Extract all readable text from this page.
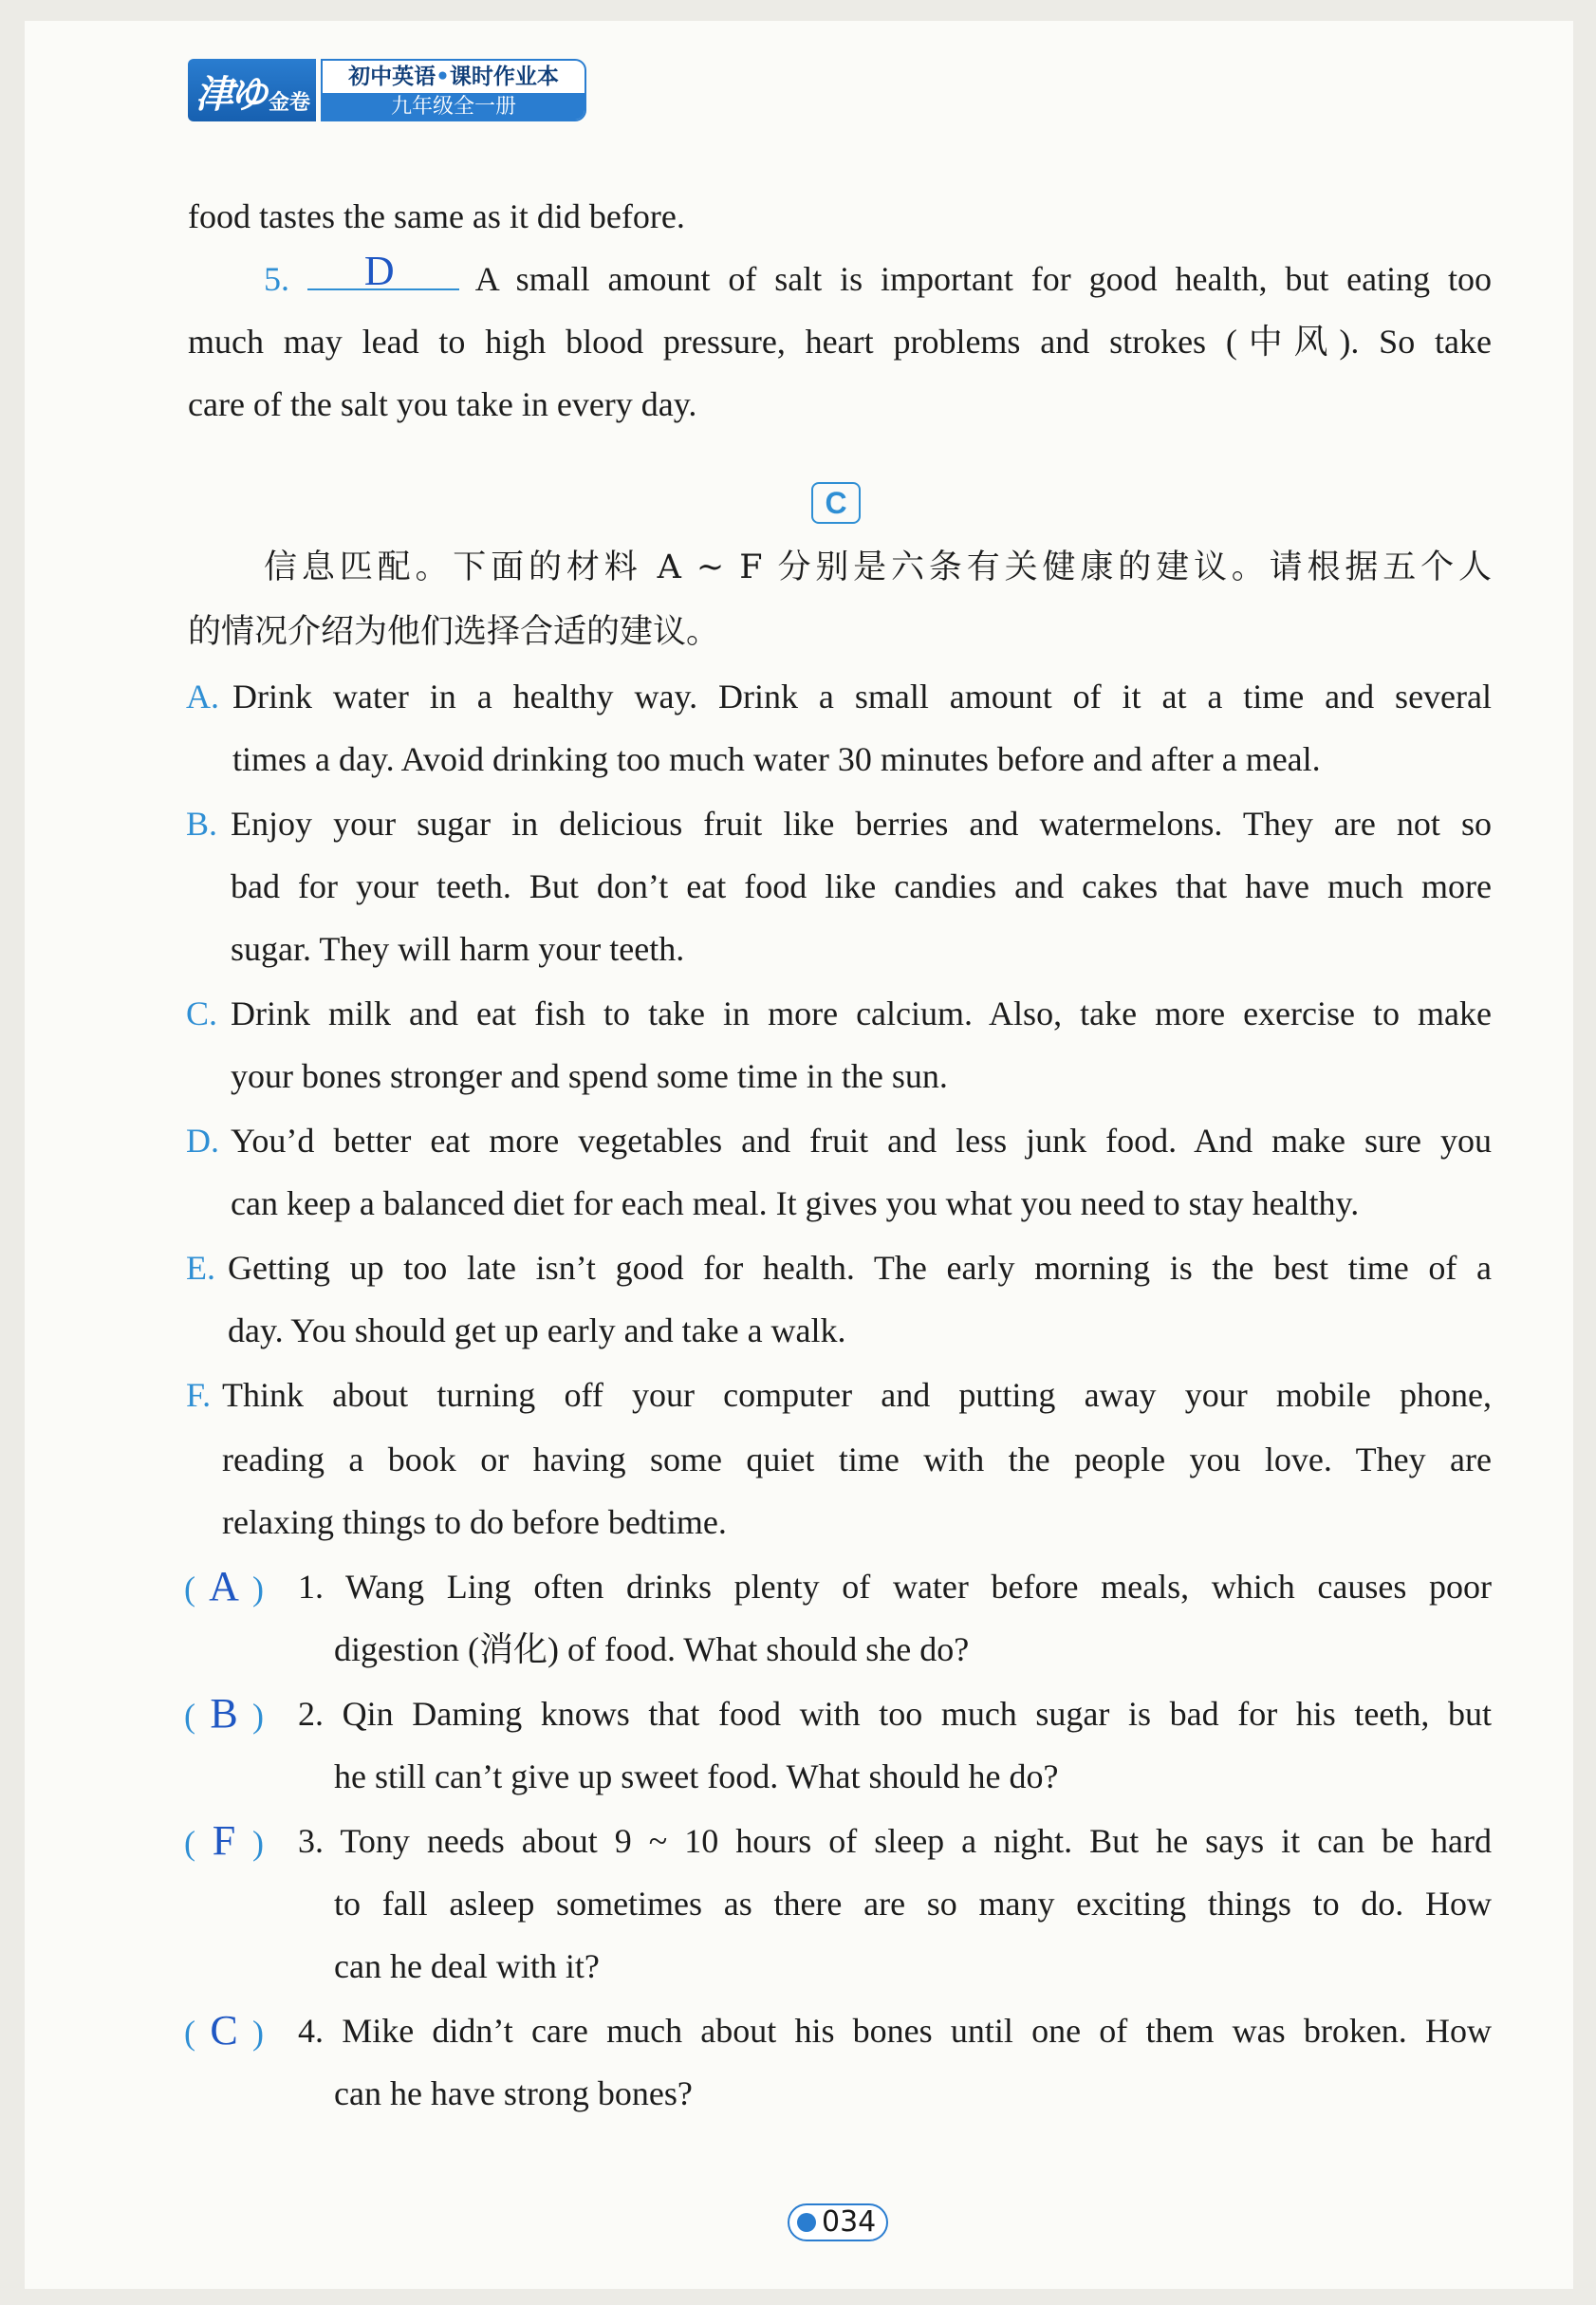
津ゆ 金卷
初中英语•课时作业本
九年级全一册
food tastes the same as it did before.
5. D A small amount of salt is important for good health, but eating too
much may lead to high blood pressure, heart problems and strokes (中风). So take
care of the salt you take in every day.
C
信息匹配。下面的材料 A ~ F 分别是六条有关健康的建议。请根据五个人
的情况介绍为他们选择合适的建议。
A. Drink water in a healthy way. Drink a small amount of it at a time and several
times a day. Avoid drinking too much water 30 minutes before and after a meal.
B. Enjoy your sugar in delicious fruit like berries and watermelons. They are not so
bad for your teeth. But don’t eat food like candies and cakes that have much more
sugar. They will harm your teeth.
C. Drink milk and eat fish to take in more calcium. Also, take more exercise to make
your bones stronger and spend some time in the sun.
D. You’d better eat more vegetables and fruit and less junk food. And make sure you
can keep a balanced diet for each meal. It gives you what you need to stay healthy.
E. Getting up too late isn’t good for health. The early morning is the best time of a
day. You should get up early and take a walk.
F. Think about turning off your computer and putting away your mobile phone,
reading a book or having some quiet time with the people you love. They are
relaxing things to do before bedtime.
( A ) 1. Wang Ling often drinks plenty of water before meals, which causes poor
digestion (消化) of food. What should she do?
( B ) 2. Qin Daming knows that food with too much sugar is bad for his teeth, but
he still can’t give up sweet food. What should he do?
( F ) 3. Tony needs about 9 ~ 10 hours of sleep a night. But he says it can be hard
to fall asleep sometimes as there are so many exciting things to do. How
can he deal with it?
( C ) 4. Mike didn’t care much about his bones until one of them was broken. How
can he have strong bones?
034
